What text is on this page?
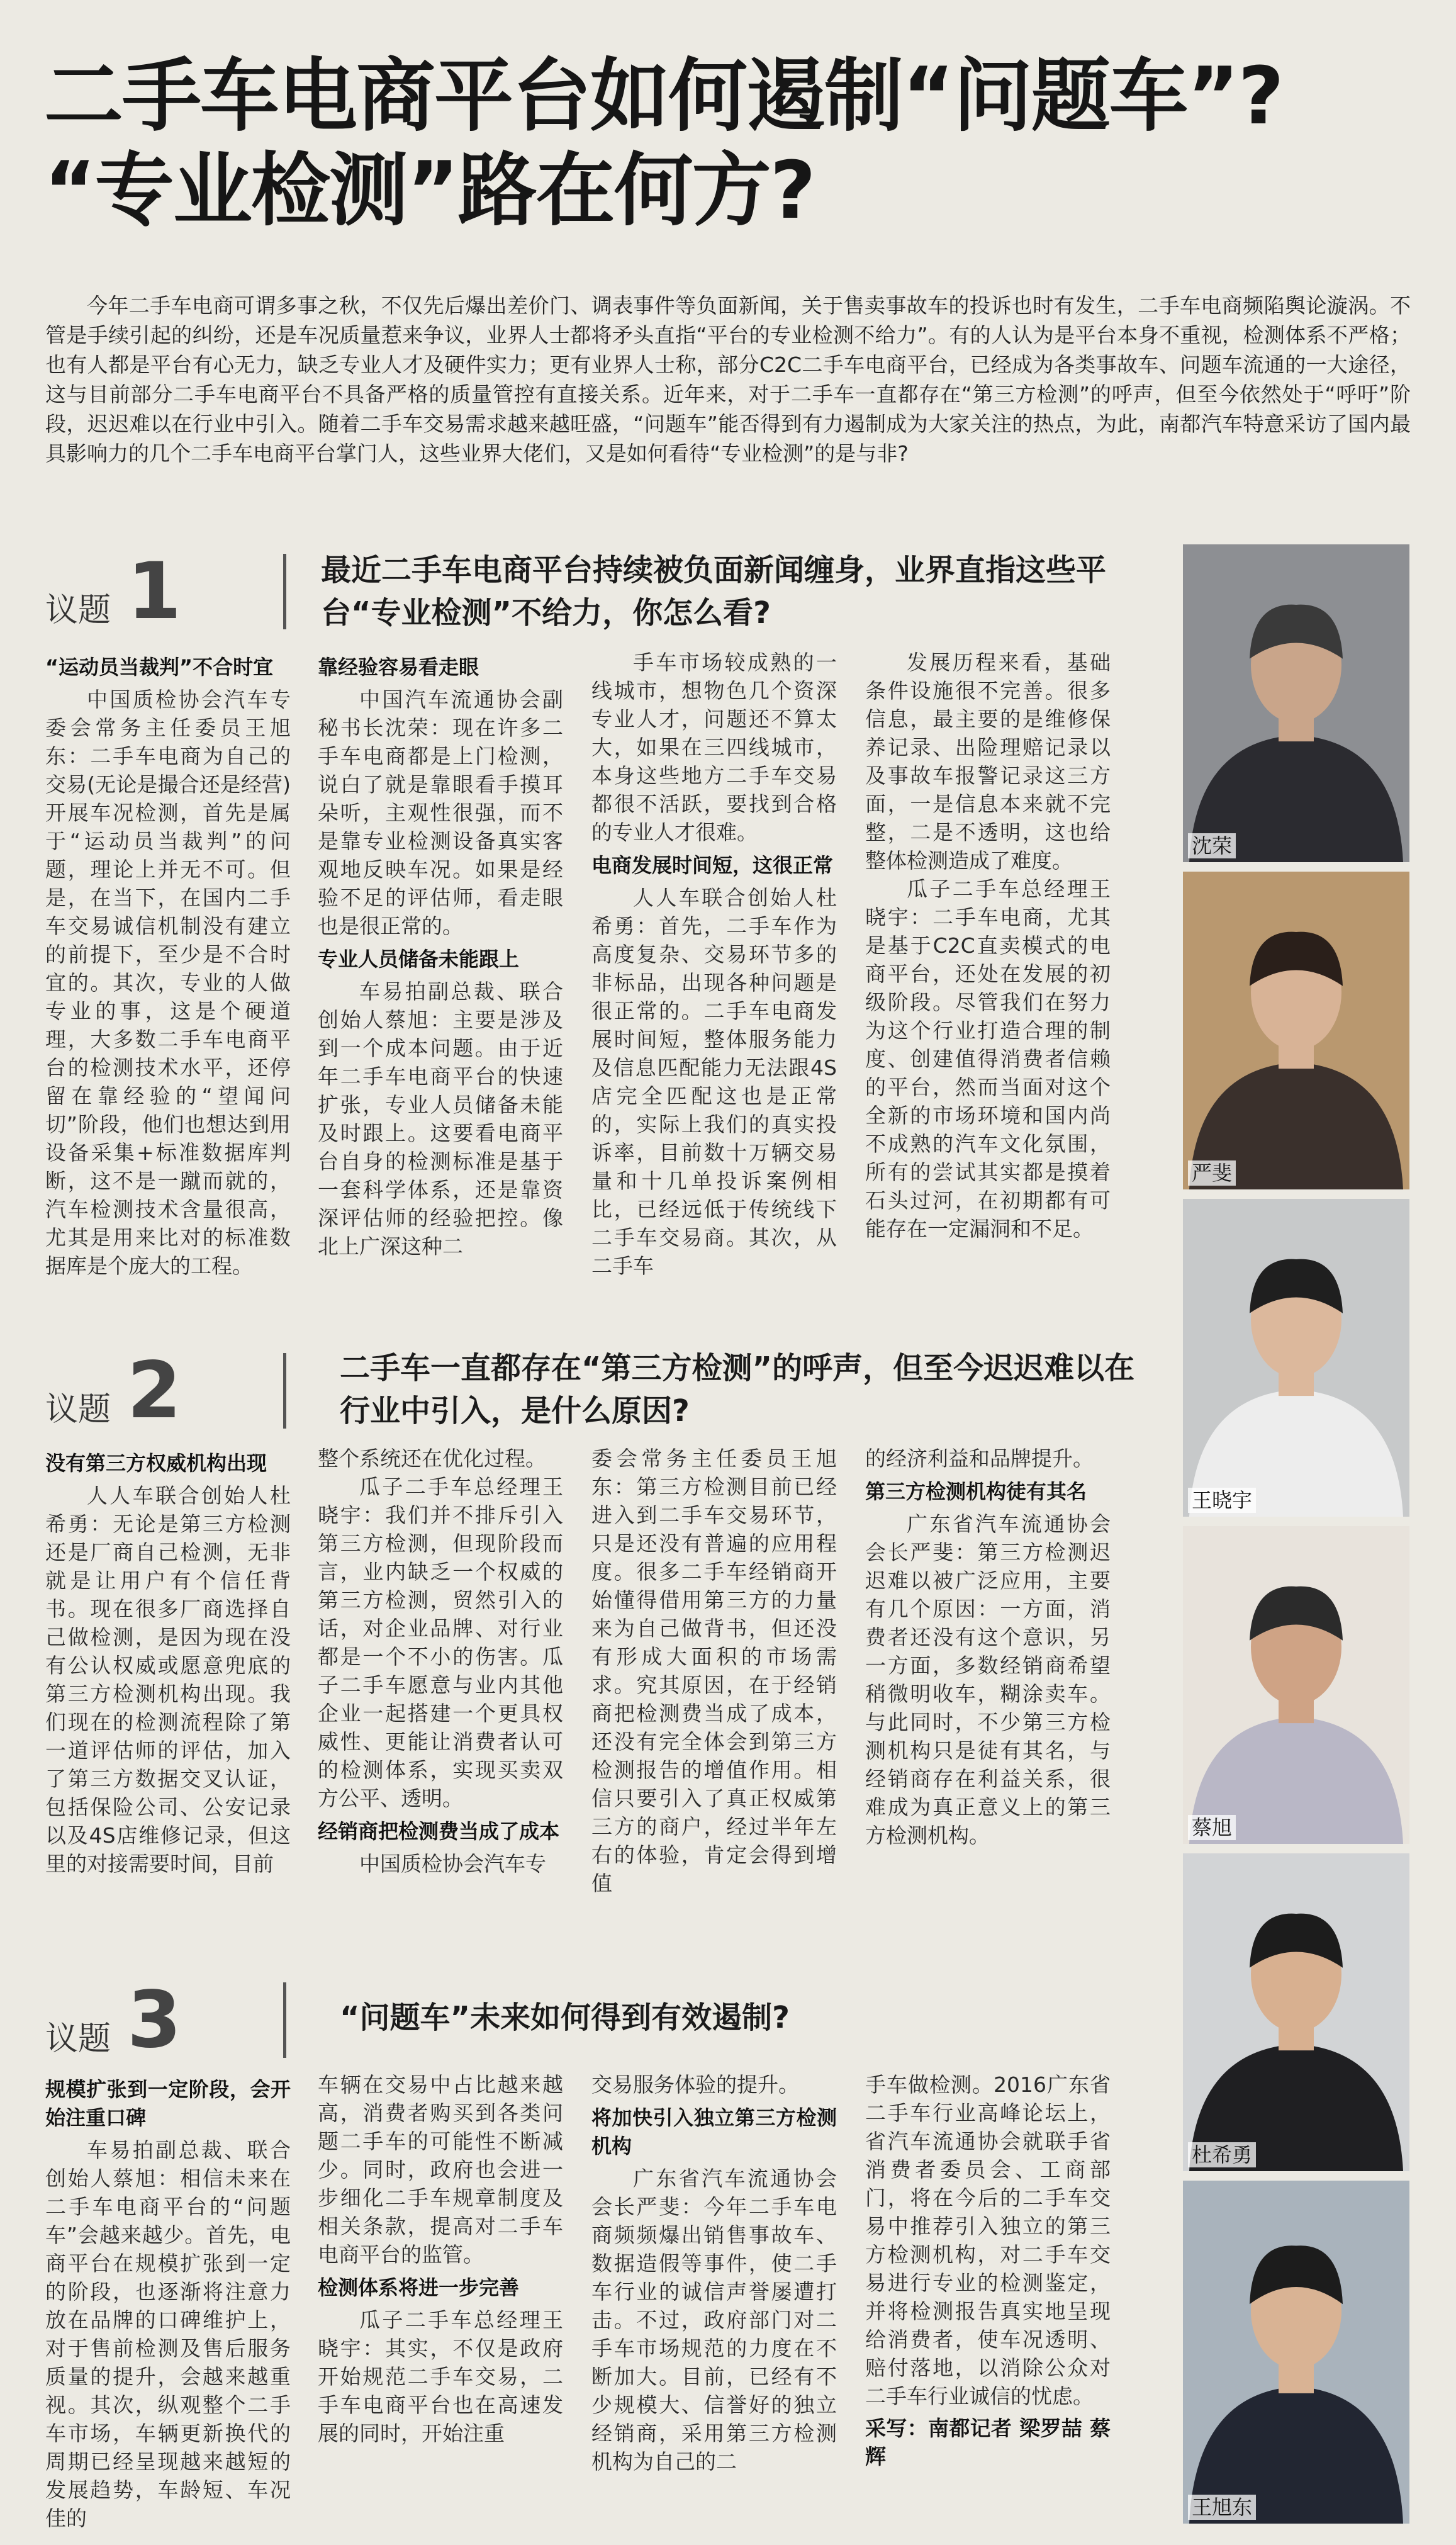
二手车电商平台如何遏制“问题车”?
“专业检测”路在何方?
今年二手车电商可谓多事之秋，不仅先后爆出差价门、调表事件等负面新闻，关于售卖事故车的投诉也时有发生，二手车电商频陷舆论漩涡。不管是手续引起的纠纷，还是车况质量惹来争议，业界人士都将矛头直指“平台的专业检测不给力”。有的人认为是平台本身不重视，检测体系不严格；也有人都是平台有心无力，缺乏专业人才及硬件实力；更有业界人士称，部分C2C二手车电商平台，已经成为各类事故车、问题车流通的一大途径，这与目前部分二手车电商平台不具备严格的质量管控有直接关系。近年来，对于二手车一直都存在“第三方检测”的呼声，但至今依然处于“呼吁”阶段，迟迟难以在行业中引入。随着二手车交易需求越来越旺盛，“问题车”能否得到有力遏制成为大家关注的热点，为此，南都汽车特意采访了国内最具影响力的几个二手车电商平台掌门人，这些业界大佬们，又是如何看待“专业检测”的是与非?
议题 1	最近二手车电商平台持续被负面新闻缠身，业界直指这些平台“专业检测”不给力，你怎么看?
“运动员当裁判”不合时宜

中国质检协会汽车专委会常务主任委员王旭东：二手车电商为自己的交易(无论是撮合还是经营)开展车况检测，首先是属于“运动员当裁判”的问题，理论上并无不可。但是，在当下，在国内二手车交易诚信机制没有建立的前提下，至少是不合时宜的。其次，专业的人做专业的事，这是个硬道理，大多数二手车电商平台的检测技术水平，还停留在靠经验的“望闻问切”阶段，他们也想达到用设备采集+标准数据库判断，这不是一蹴而就的，汽车检测技术含量很高，尤其是用来比对的标准数据库是个庞大的工程。

靠经验容易看走眼

中国汽车流通协会副秘书长沈荣：现在许多二手车电商都是上门检测，说白了就是靠眼看手摸耳朵听，主观性很强，而不是靠专业检测设备真实客观地反映车况。如果是经验不足的评估师，看走眼也是很正常的。

专业人员储备未能跟上

车易拍副总裁、联合创始人蔡旭：主要是涉及到一个成本问题。由于近年二手车电商平台的快速扩张，专业人员储备未能及时跟上。这要看电商平台自身的检测标准是基于一套科学体系，还是靠资深评估师的经验把控。像北上广深这种二

手车市场较成熟的一线城市，想物色几个资深专业人才，问题还不算太大，如果在三四线城市，本身这些地方二手车交易都很不活跃，要找到合格的专业人才很难。

电商发展时间短，这很正常

人人车联合创始人杜希勇：首先，二手车作为高度复杂、交易环节多的非标品，出现各种问题是很正常的。二手车电商发展时间短，整体服务能力及信息匹配能力无法跟4S店完全匹配这也是正常的，实际上我们的真实投诉率，目前数十万辆交易量和十几单投诉案例相比，已经远低于传统线下二手车交易商。其次，从二手车

发展历程来看，基础条件设施很不完善。很多信息，最主要的是维修保养记录、出险理赔记录以及事故车报警记录这三方面，一是信息本来就不完整，二是不透明，这也给整体检测造成了难度。

瓜子二手车总经理王晓宇：二手车电商，尤其是基于C2C直卖模式的电商平台，还处在发展的初级阶段。尽管我们在努力为这个行业打造合理的制度、创建值得消费者信赖的平台，然而当面对这个全新的市场环境和国内尚不成熟的汽车文化氛围，所有的尝试其实都是摸着石头过河，在初期都有可能存在一定漏洞和不足。

议题 2	二手车一直都存在“第三方检测”的呼声，但至今迟迟难以在行业中引入，是什么原因?
没有第三方权威机构出现

人人车联合创始人杜希勇：无论是第三方检测还是厂商自己检测，无非就是让用户有个信任背书。现在很多厂商选择自己做检测，是因为现在没有公认权威或愿意兜底的第三方检测机构出现。我们现在的检测流程除了第一道评估师的评估，加入了第三方数据交叉认证，包括保险公司、公安记录以及4S店维修记录，但这里的对接需要时间，目前

整个系统还在优化过程。

瓜子二手车总经理王晓宇：我们并不排斥引入第三方检测，但现阶段而言，业内缺乏一个权威的第三方检测，贸然引入的话，对企业品牌、对行业都是一个不小的伤害。瓜子二手车愿意与业内其他企业一起搭建一个更具权威性、更能让消费者认可的检测体系，实现买卖双方公平、透明。

经销商把检测费当成了成本

中国质检协会汽车专

委会常务主任委员王旭东：第三方检测目前已经进入到二手车交易环节，只是还没有普遍的应用程度。很多二手车经销商开始懂得借用第三方的力量来为自己做背书，但还没有形成大面积的市场需求。究其原因，在于经销商把检测费当成了成本，还没有完全体会到第三方检测报告的增值作用。相信只要引入了真正权威第三方的商户，经过半年左右的体验，肯定会得到增值

的经济利益和品牌提升。

第三方检测机构徒有其名

广东省汽车流通协会会长严斐：第三方检测迟迟难以被广泛应用，主要有几个原因：一方面，消费者还没有这个意识，另一方面，多数经销商希望稍微明收车，糊涂卖车。与此同时，不少第三方检测机构只是徒有其名，与经销商存在利益关系，很难成为真正意义上的第三方检测机构。

议题 3	“问题车”未来如何得到有效遏制?
规模扩张到一定阶段，会开始注重口碑

车易拍副总裁、联合创始人蔡旭：相信未来在二手车电商平台的“问题车”会越来越少。首先，电商平台在规模扩张到一定的阶段，也逐渐将注意力放在品牌的口碑维护上，对于售前检测及售后服务质量的提升，会越来越重视。其次，纵观整个二手车市场，车辆更新换代的周期已经呈现越来越短的发展趋势，车龄短、车况佳的

车辆在交易中占比越来越高，消费者购买到各类问题二手车的可能性不断减少。同时，政府也会进一步细化二手车规章制度及相关条款，提高对二手车电商平台的监管。

检测体系将进一步完善

瓜子二手车总经理王晓宇：其实，不仅是政府开始规范二手车交易，二手车电商平台也在高速发展的同时，开始注重

交易服务体验的提升。

将加快引入独立第三方检测机构

广东省汽车流通协会会长严斐：今年二手车电商频频爆出销售事故车、数据造假等事件，使二手车行业的诚信声誉屡遭打击。不过，政府部门对二手车市场规范的力度在不断加大。目前，已经有不少规模大、信誉好的独立经销商，采用第三方检测机构为自己的二

手车做检测。2016广东省二手车行业高峰论坛上，省汽车流通协会就联手省消费者委员会、工商部门，将在今后的二手车交易中推荐引入独立的第三方检测机构，对二手车交易进行专业的检测鉴定，并将检测报告真实地呈现给消费者，使车况透明、赔付落地，以消除公众对二手车行业诚信的忧虑。

采写：南都记者 梁罗喆 蔡辉

沈荣
严斐
王晓宇
蔡旭
杜希勇
王旭东
